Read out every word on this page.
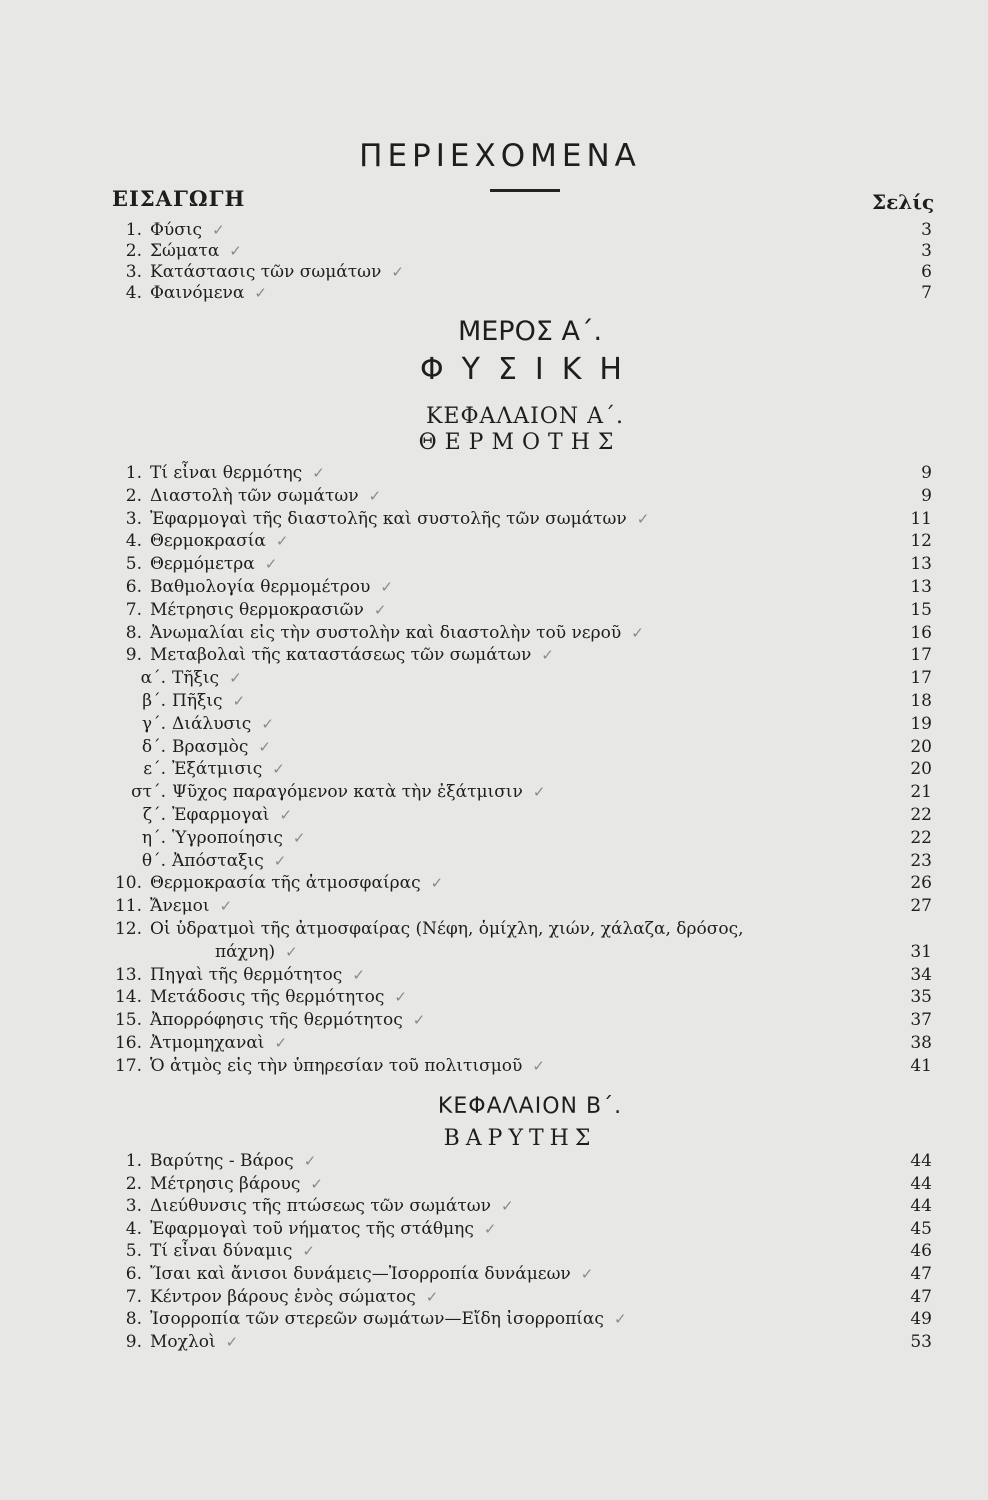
ΠΕΡΙΕΧΟΜΕΝΑ
ΕΙΣΑΓΩΓΗ	Σελίς
1. Φύσις ✓	3
2. Σώματα ✓	3
3. Κατάστασις τῶν σωμάτων ✓	6
4. Φαινόμενα ✓	7
ΜΕΡΟΣ Α΄.
ΦΥΣΙΚΗ
ΚΕΦΑΛΑΙΟΝ Α΄.
ΘΕΡΜΟΤΗΣ
1. Τί εἶναι θερμότης ✓	9
2. Διαστολὴ τῶν σωμάτων ✓	9
3. Ἐφαρμογαὶ τῆς διαστολῆς καὶ συστολῆς τῶν σωμάτων ✓	11
4. Θερμοκρασία ✓	12
5. Θερμόμετρα ✓	13
6. Βαθμολογία θερμομέτρου ✓	13
7. Μέτρησις θερμοκρασιῶν ✓	15
8. Ἀνωμαλίαι εἰς τὴν συστολὴν καὶ διαστολὴν τοῦ νεροῦ ✓	16
9. Μεταβολαὶ τῆς καταστάσεως τῶν σωμάτων ✓	17
α΄. Τῆξις ✓	17
β΄. Πῆξις ✓	18
γ΄. Διάλυσις ✓	19
δ΄. Βρασμὸς ✓	20
ε΄. Ἐξάτμισις ✓	20
στ΄. Ψῦχος παραγόμενον κατὰ τὴν ἐξάτμισιν ✓	21
ζ΄. Ἐφαρμογαὶ ✓	22
η΄. Ὑγροποίησις ✓	22
θ΄. Ἀπόσταξις ✓	23
10. Θερμοκρασία τῆς ἀτμοσφαίρας ✓	26
11. Ἄνεμοι ✓	27
12. Οἱ ὑδρατμοὶ τῆς ἀτμοσφαίρας (Νέφη, ὁμίχλη, χιών, χάλαζα, δρόσος,
πάχνη) ✓	31
13. Πηγαὶ τῆς θερμότητος ✓	34
14. Μετάδοσις τῆς θερμότητος ✓	35
15. Ἀπορρόφησις τῆς θερμότητος ✓	37
16. Ἀτμομηχαναὶ ✓	38
17. Ὁ ἀτμὸς εἰς τὴν ὑπηρεσίαν τοῦ πολιτισμοῦ ✓	41
ΚΕΦΑΛΑΙΟΝ Β΄.
ΒΑΡΥΤΗΣ
1. Βαρύτης - Βάρος ✓	44
2. Μέτρησις βάρους ✓	44
3. Διεύθυνσις τῆς πτώσεως τῶν σωμάτων ✓	44
4. Ἐφαρμογαὶ τοῦ νήματος τῆς στάθμης ✓	45
5. Τί εἶναι δύναμις ✓	46
6. Ἴσαι καὶ ἄνισοι δυνάμεις—Ἰσορροπία δυνάμεων ✓	47
7. Κέντρον βάρους ἑνὸς σώματος ✓	47
8. Ἰσορροπία τῶν στερεῶν σωμάτων—Εἴδη ἰσορροπίας ✓	49
9. Μοχλοὶ ✓	53
